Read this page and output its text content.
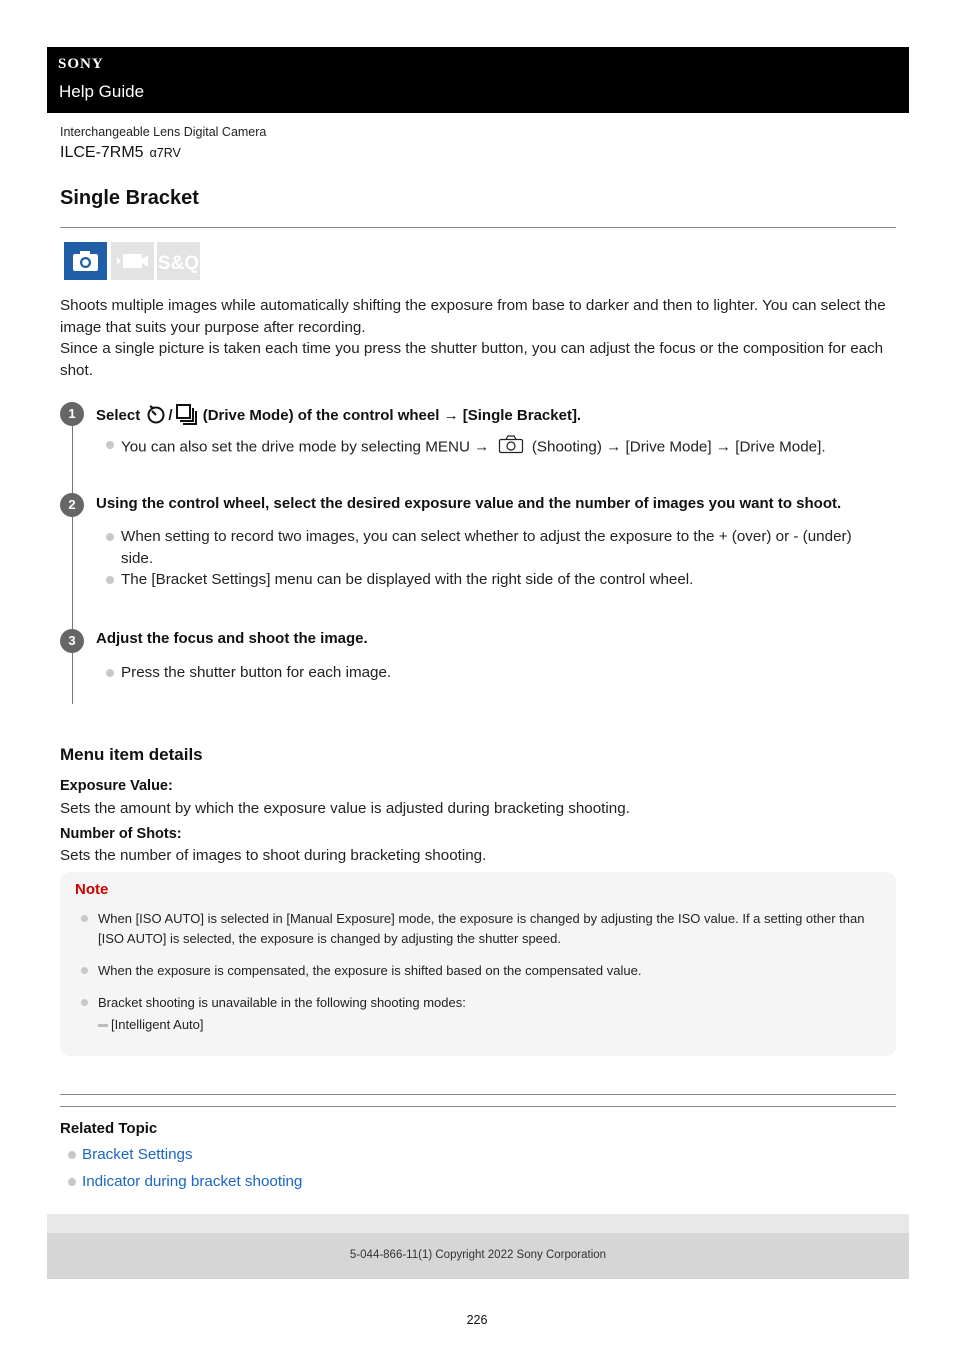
SONY
Help Guide
Interchangeable Lens Digital Camera
ILCE-7RM5 α7RV
Single Bracket
S&Q

Shoots multiple images while automatically shifting the exposure from base to darker and then to lighter. You can select the image that suits your purpose after recording.

Since a single picture is taken each time you press the shutter button, you can adjust the focus or the composition for each shot.

1	Select / (Drive Mode) of the control wheel → [Single Bracket].
You can also set the drive mode by selecting MENU →	(Shooting) → [Drive Mode] → [Drive Mode].
2	Using the control wheel, select the desired exposure value and the number of images you want to shoot.
When setting to record two images, you can select whether to adjust the exposure to the + (over) or - (under) side.
The [Bracket Settings] menu can be displayed with the right side of the control wheel.
3	Adjust the focus and shoot the image.
Press the shutter button for each image.
Menu item details
Exposure Value:
Sets the amount by which the exposure value is adjusted during bracketing shooting.
Number of Shots:
Sets the number of images to shoot during bracketing shooting.
Note
When [ISO AUTO] is selected in [Manual Exposure] mode, the exposure is changed by adjusting the ISO value. If a setting other than [ISO AUTO] is selected, the exposure is changed by adjusting the shutter speed.
When the exposure is compensated, the exposure is shifted based on the compensated value.
Bracket shooting is unavailable in the following shooting modes:
[Intelligent Auto]
Related Topic
Bracket Settings
Indicator during bracket shooting
5-044-866-11(1) Copyright 2022 Sony Corporation
226
